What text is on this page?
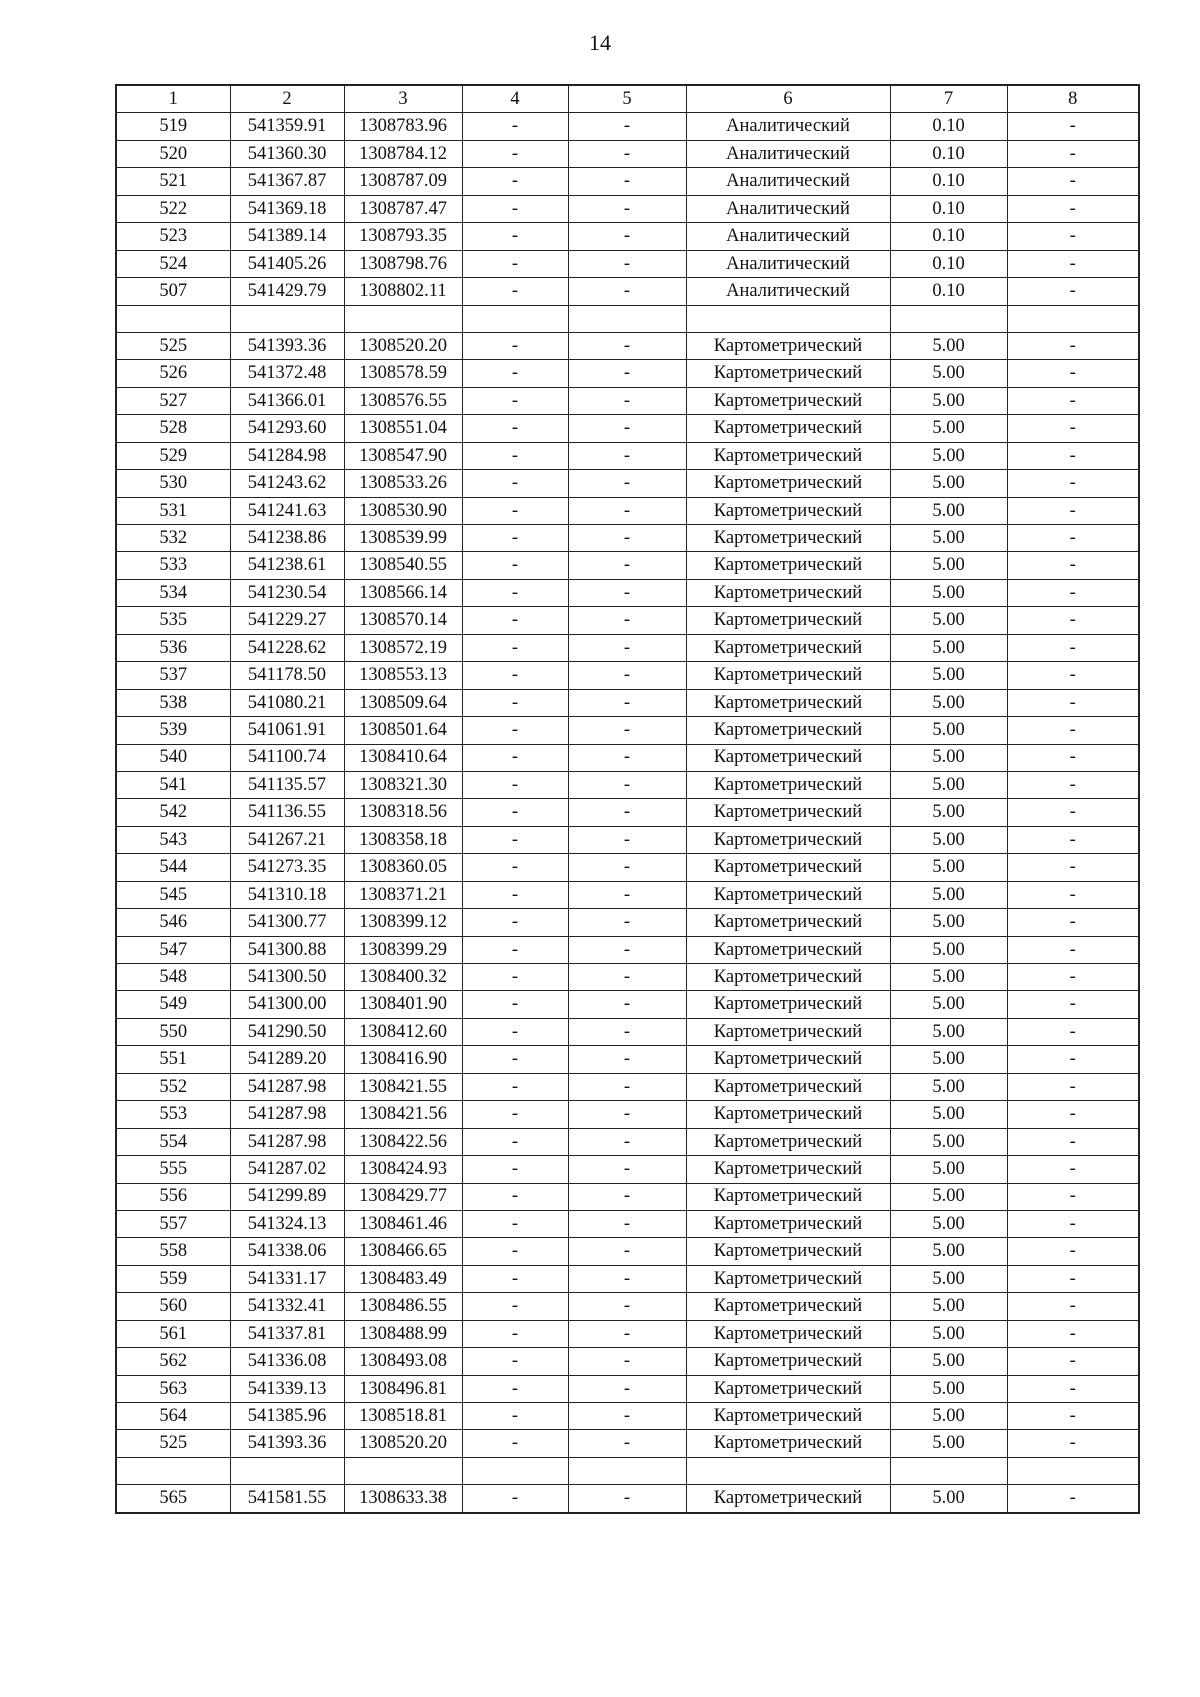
14
1	2	3	4	5	6	7	8
519	541359.91	1308783.96	-	-	Аналитический	0.10	-
520	541360.30	1308784.12	-	-	Аналитический	0.10	-
521	541367.87	1308787.09	-	-	Аналитический	0.10	-
522	541369.18	1308787.47	-	-	Аналитический	0.10	-
523	541389.14	1308793.35	-	-	Аналитический	0.10	-
524	541405.26	1308798.76	-	-	Аналитический	0.10	-
507	541429.79	1308802.11	-	-	Аналитический	0.10	-

525	541393.36	1308520.20	-	-	Картометрический	5.00	-
526	541372.48	1308578.59	-	-	Картометрический	5.00	-
527	541366.01	1308576.55	-	-	Картометрический	5.00	-
528	541293.60	1308551.04	-	-	Картометрический	5.00	-
529	541284.98	1308547.90	-	-	Картометрический	5.00	-
530	541243.62	1308533.26	-	-	Картометрический	5.00	-
531	541241.63	1308530.90	-	-	Картометрический	5.00	-
532	541238.86	1308539.99	-	-	Картометрический	5.00	-
533	541238.61	1308540.55	-	-	Картометрический	5.00	-
534	541230.54	1308566.14	-	-	Картометрический	5.00	-
535	541229.27	1308570.14	-	-	Картометрический	5.00	-
536	541228.62	1308572.19	-	-	Картометрический	5.00	-
537	541178.50	1308553.13	-	-	Картометрический	5.00	-
538	541080.21	1308509.64	-	-	Картометрический	5.00	-
539	541061.91	1308501.64	-	-	Картометрический	5.00	-
540	541100.74	1308410.64	-	-	Картометрический	5.00	-
541	541135.57	1308321.30	-	-	Картометрический	5.00	-
542	541136.55	1308318.56	-	-	Картометрический	5.00	-
543	541267.21	1308358.18	-	-	Картометрический	5.00	-
544	541273.35	1308360.05	-	-	Картометрический	5.00	-
545	541310.18	1308371.21	-	-	Картометрический	5.00	-
546	541300.77	1308399.12	-	-	Картометрический	5.00	-
547	541300.88	1308399.29	-	-	Картометрический	5.00	-
548	541300.50	1308400.32	-	-	Картометрический	5.00	-
549	541300.00	1308401.90	-	-	Картометрический	5.00	-
550	541290.50	1308412.60	-	-	Картометрический	5.00	-
551	541289.20	1308416.90	-	-	Картометрический	5.00	-
552	541287.98	1308421.55	-	-	Картометрический	5.00	-
553	541287.98	1308421.56	-	-	Картометрический	5.00	-
554	541287.98	1308422.56	-	-	Картометрический	5.00	-
555	541287.02	1308424.93	-	-	Картометрический	5.00	-
556	541299.89	1308429.77	-	-	Картометрический	5.00	-
557	541324.13	1308461.46	-	-	Картометрический	5.00	-
558	541338.06	1308466.65	-	-	Картометрический	5.00	-
559	541331.17	1308483.49	-	-	Картометрический	5.00	-
560	541332.41	1308486.55	-	-	Картометрический	5.00	-
561	541337.81	1308488.99	-	-	Картометрический	5.00	-
562	541336.08	1308493.08	-	-	Картометрический	5.00	-
563	541339.13	1308496.81	-	-	Картометрический	5.00	-
564	541385.96	1308518.81	-	-	Картометрический	5.00	-
525	541393.36	1308520.20	-	-	Картометрический	5.00	-

565	541581.55	1308633.38	-	-	Картометрический	5.00	-
